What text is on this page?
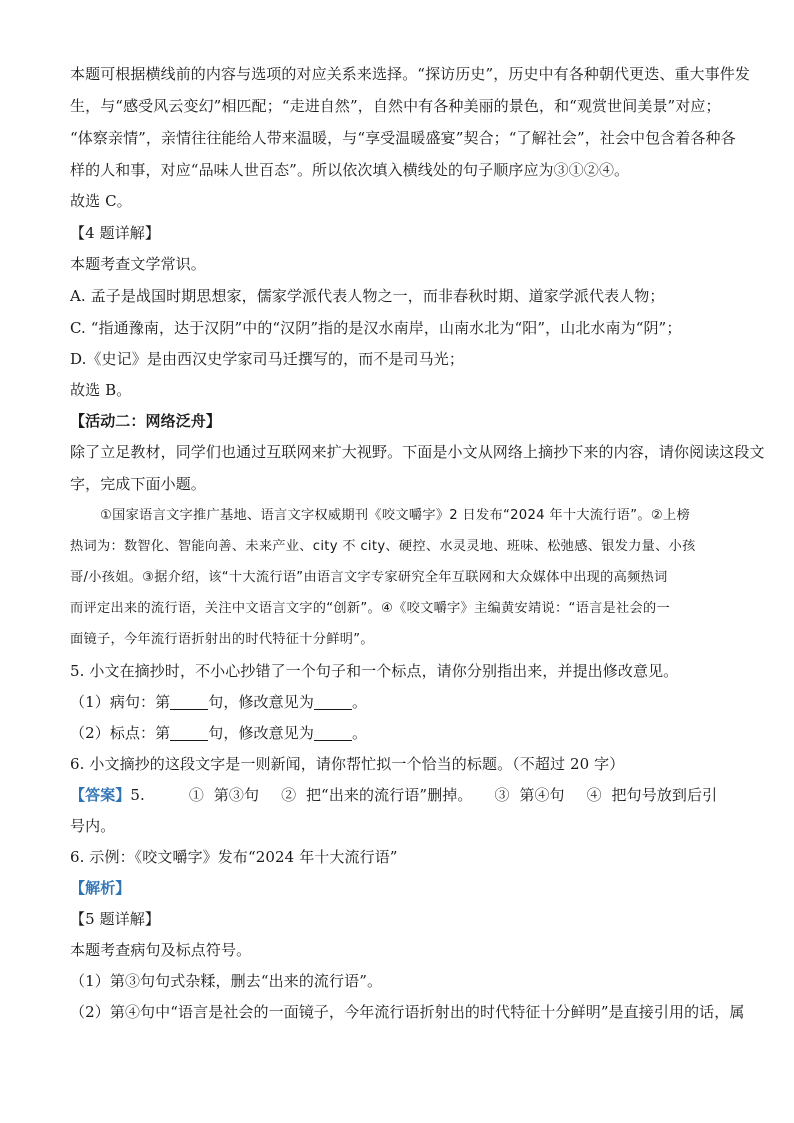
本题可根据横线前的内容与选项的对应关系来选择。“探访历史”，历史中有各种朝代更迭、重大事件发
生，与“感受风云变幻”相匹配；“走进自然”，自然中有各种美丽的景色，和“观赏世间美景”对应；
“体察亲情”，亲情往往能给人带来温暖，与“享受温暖盛宴”契合；“了解社会”，社会中包含着各种各
样的人和事，对应“品味人世百态”。所以依次填入横线处的句子顺序应为③①②④。
故选 C。
【4 题详解】
本题考查文学常识。
A. 孟子是战国时期思想家，儒家学派代表人物之一，而非春秋时期、道家学派代表人物；
C. “指通豫南，达于汉阴”中的“汉阴”指的是汉水南岸，山南水北为“阳”，山北水南为“阴”；
D.《史记》是由西汉史学家司马迁撰写的，而不是司马光；
故选 B。
【活动二：网络泛舟】
除了立足教材，同学们也通过互联网来扩大视野。下面是小文从网络上摘抄下来的内容，请你阅读这段文
字，完成下面小题。
①国家语言文字推广基地、语言文字权威期刊《咬文嚼字》2 日发布“2024 年十大流行语”。②上榜
热词为：数智化、智能向善、未来产业、city 不 city、硬控、水灵灵地、班味、松弛感、银发力量、小孩
哥/小孩姐。③据介绍，该“十大流行语”由语言文字专家研究全年互联网和大众媒体中出现的高频热词
而评定出来的流行语，关注中文语言文字的“创新”。④《咬文嚼字》主编黄安靖说：“语言是社会的一
面镜子，今年流行语折射出的时代特征十分鲜明”。
5. 小文在摘抄时，不小心抄错了一个句子和一个标点，请你分别指出来，并提出修改意见。
（1）病句：第	句，修改意见为	。
（2）标点：第	句，修改意见为	。
6. 小文摘抄的这段文字是一则新闻，请你帮忙拟一个恰当的标题。（不超过 20 字）
【答案】5.	① 第③句 ② 把“出来的流行语”删掉。 ③ 第④句 ④ 把句号放到后引
号内。
6. 示例：《咬文嚼字》发布“2024 年十大流行语”
【解析】
【5 题详解】
本题考查病句及标点符号。
（1）第③句句式杂糅，删去“出来的流行语”。
（2）第④句中“语言是社会的一面镜子，今年流行语折射出的时代特征十分鲜明”是直接引用的话，属
